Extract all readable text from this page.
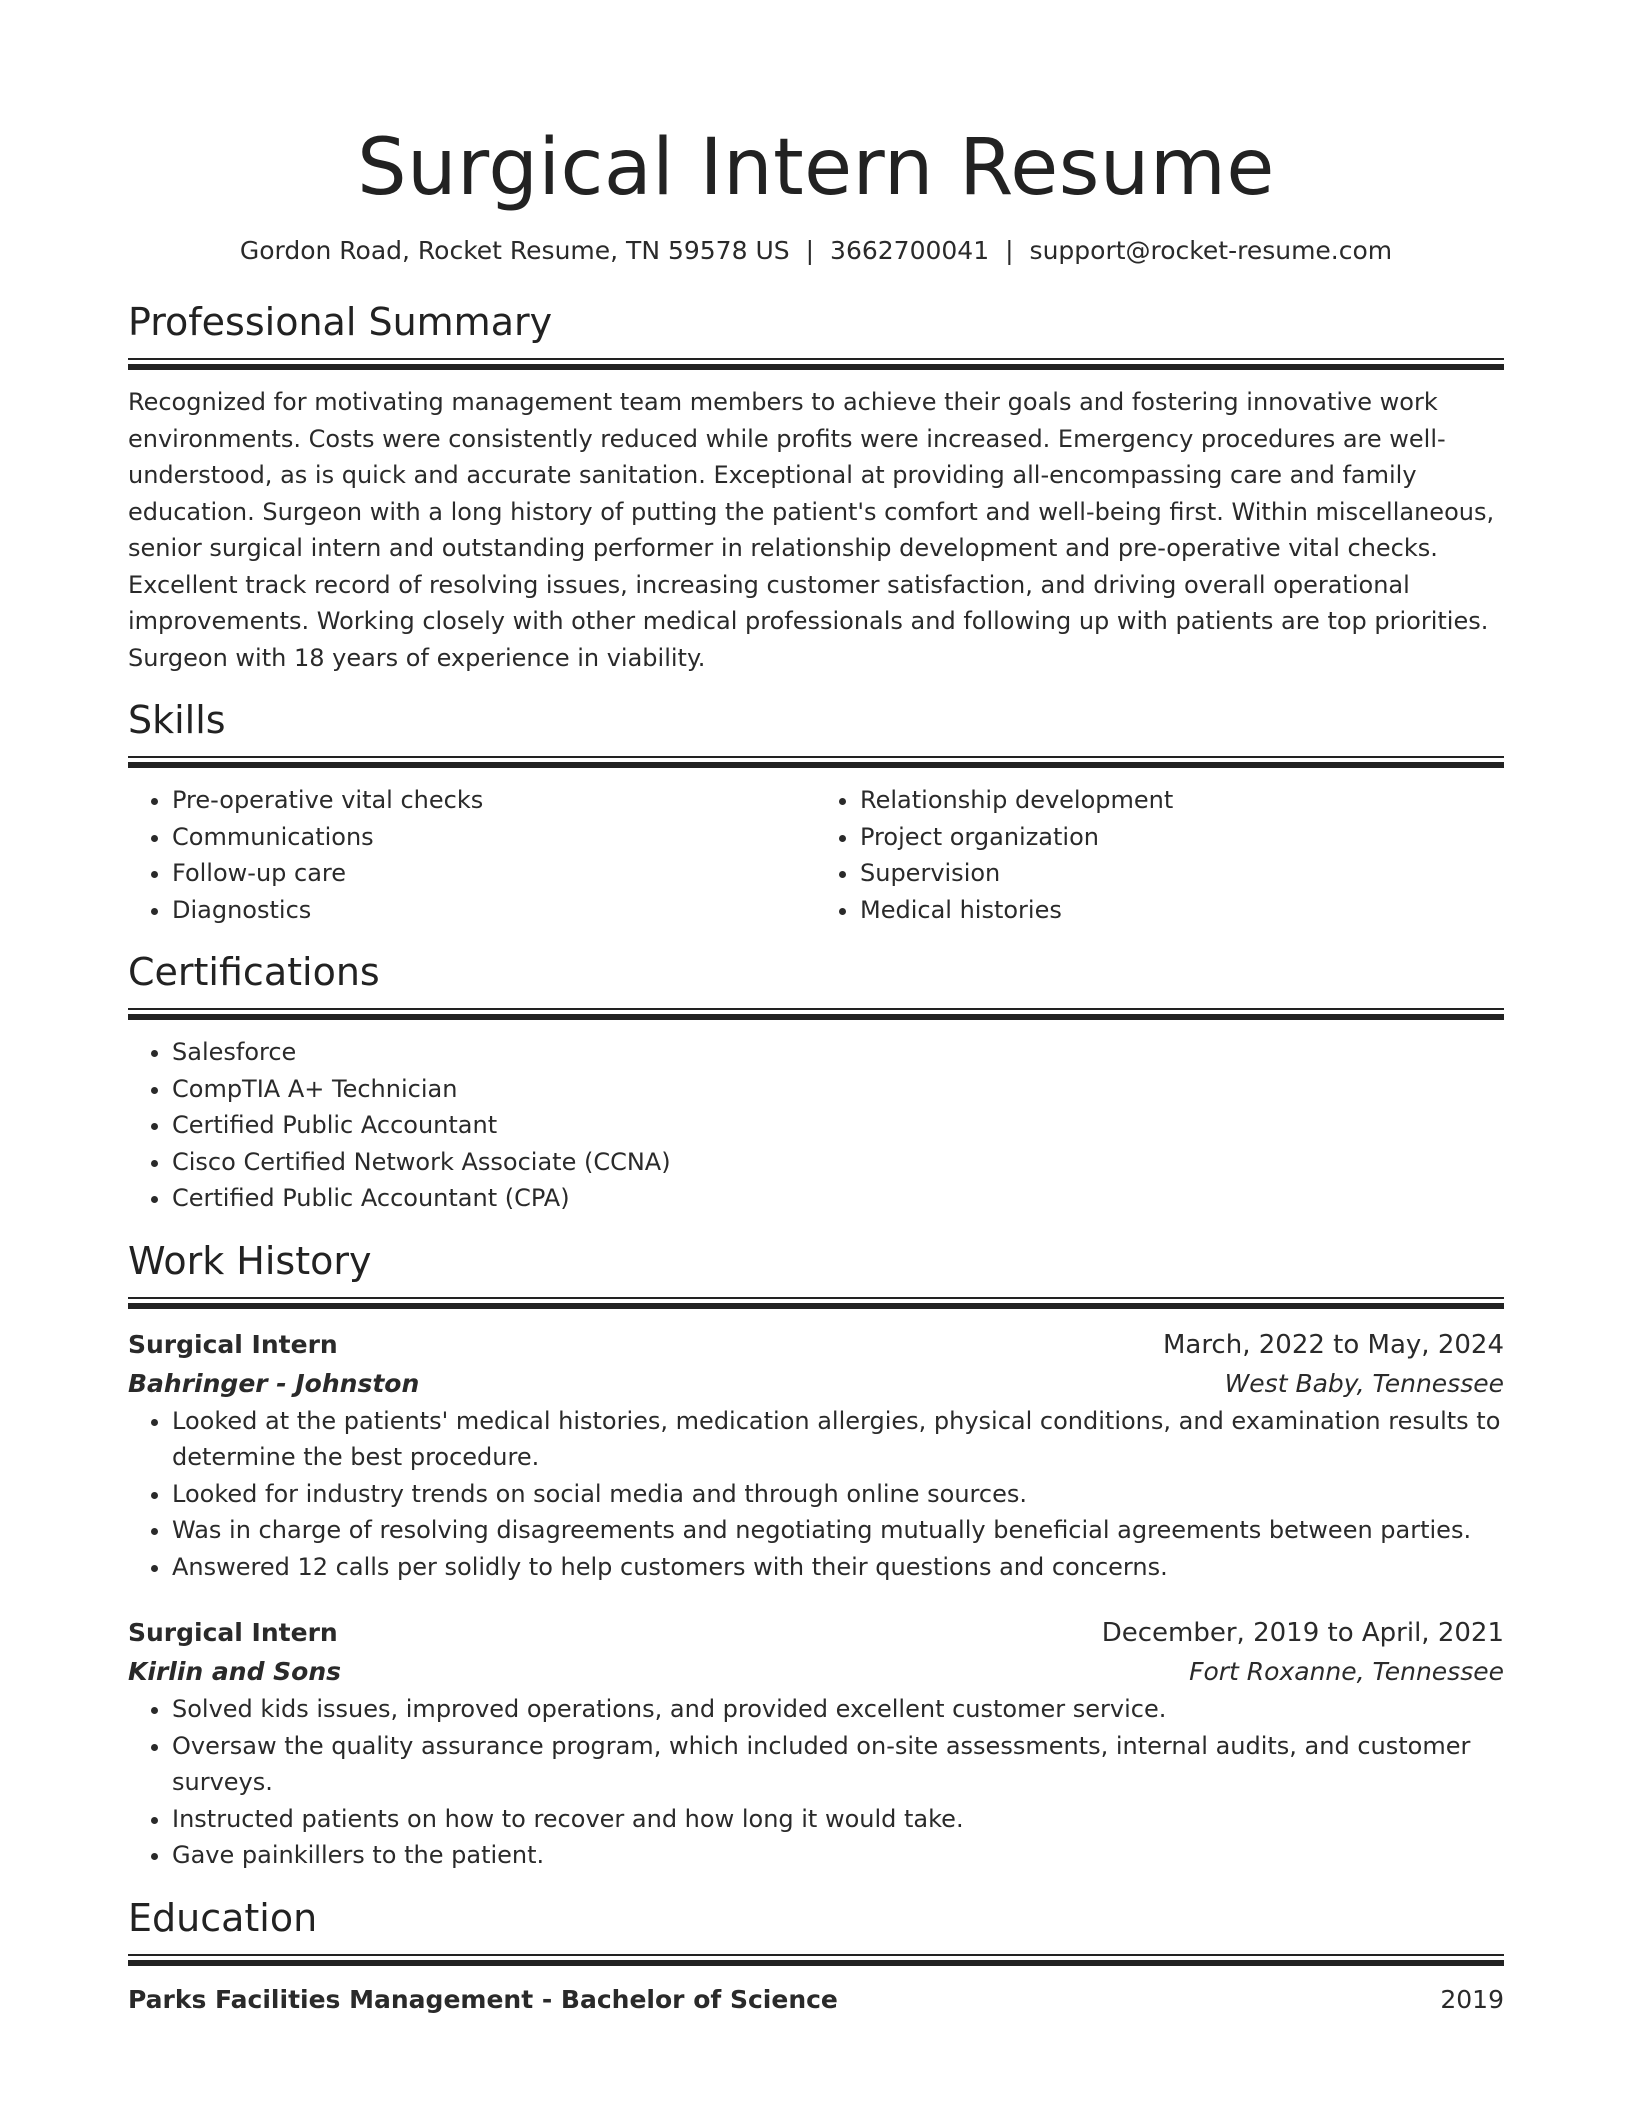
Surgical Intern Resume
Gordon Road, Rocket Resume, TN 59578 US | 3662700041 | support@rocket-resume.com
Professional Summary

Recognized for motivating management team members to achieve their goals and fostering innovative work environments. Costs were consistently reduced while profits were increased. Emergency procedures are well-understood, as is quick and accurate sanitation. Exceptional at providing all-encompassing care and family education. Surgeon with a long history of putting the patient's comfort and well-being first. Within miscellaneous, senior surgical intern and outstanding performer in relationship development and pre-operative vital checks. Excellent track record of resolving issues, increasing customer satisfaction, and driving overall operational improvements. Working closely with other medical professionals and following up with patients are top priorities. Surgeon with 18 years of experience in viability.

Skills
• Pre-operative vital checks
• Communications
• Follow-up care
• Diagnostics
• Relationship development
• Project organization
• Supervision
• Medical histories
Certifications
• Salesforce
• CompTIA A+ Technician
• Certified Public Accountant
• Cisco Certified Network Associate (CCNA)
• Certified Public Accountant (CPA)
Work History
Surgical Intern	March, 2022 to May, 2024
Bahringer - Johnston	West Baby, Tennessee
• Looked at the patients' medical histories, medication allergies, physical conditions, and examination results to determine the best procedure.
• Looked for industry trends on social media and through online sources.
• Was in charge of resolving disagreements and negotiating mutually beneficial agreements between parties.
• Answered 12 calls per solidly to help customers with their questions and concerns.
Surgical Intern	December, 2019 to April, 2021
Kirlin and Sons	Fort Roxanne, Tennessee
• Solved kids issues, improved operations, and provided excellent customer service.
• Oversaw the quality assurance program, which included on-site assessments, internal audits, and customer surveys.
• Instructed patients on how to recover and how long it would take.
• Gave painkillers to the patient.
Education
Parks Facilities Management - Bachelor of Science	2019
